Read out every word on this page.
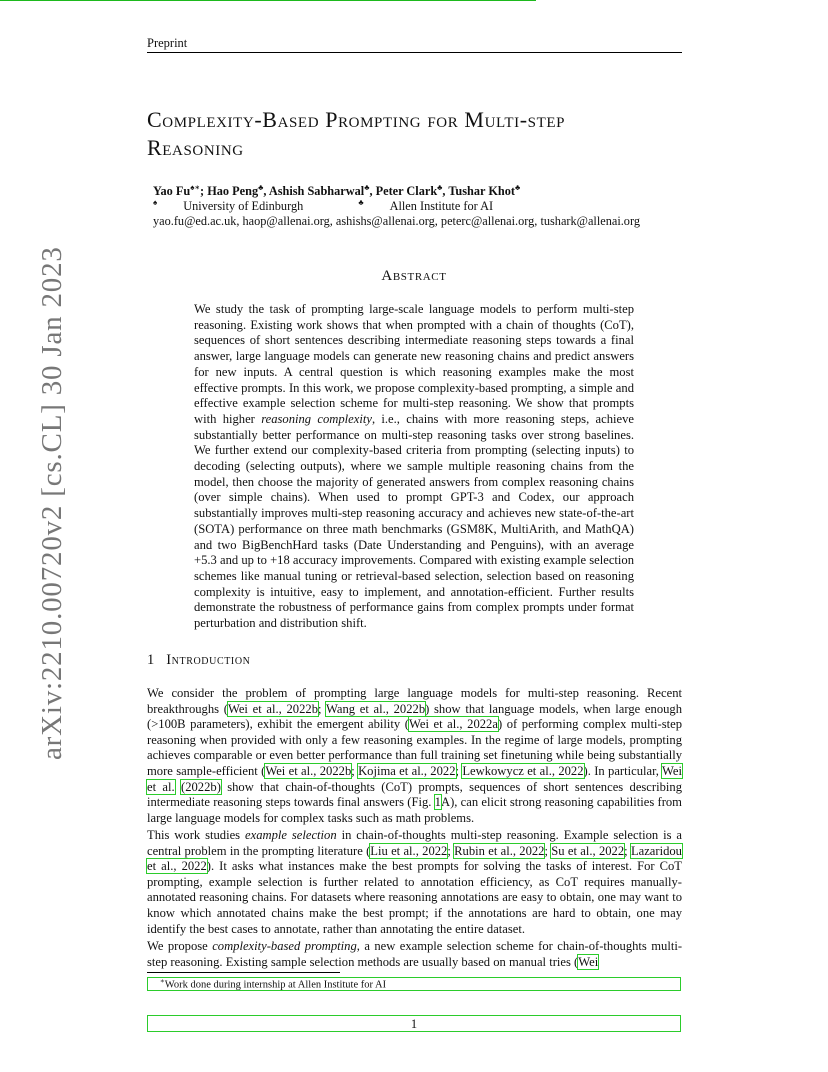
Preprint
Complexity-Based Prompting for Multi-step
Reasoning
Yao Fu♠∗; Hao Peng♣, Ashish Sabharwal♣, Peter Clark♣, Tushar Khot♣
♠ University of Edinburgh	♣ Allen Institute for AI
yao.fu@ed.ac.uk, haop@allenai.org, ashishs@allenai.org, peterc@allenai.org, tushark@allenai.org
Abstract
We study the task of prompting large-scale language models to perform multi-step reasoning. Existing work shows that when prompted with a chain of thoughts (CoT), sequences of short sentences describing intermediate reasoning steps towards a final answer, large language models can generate new reasoning chains and predict answers for new inputs. A central question is which reasoning examples make the most effective prompts. In this work, we propose complexity-based prompting, a simple and effective example selection scheme for multi-step reasoning. We show that prompts with higher reasoning complexity, i.e., chains with more reasoning steps, achieve substantially better performance on multi-step reasoning tasks over strong baselines. We further extend our complexity-based criteria from prompting (selecting inputs) to decoding (selecting outputs), where we sample multiple reasoning chains from the model, then choose the majority of generated answers from complex reasoning chains (over simple chains). When used to prompt GPT-3 and Codex, our approach substantially improves multi-step reasoning accuracy and achieves new state-of-the-art (SOTA) performance on three math benchmarks (GSM8K, MultiArith, and MathQA) and two BigBenchHard tasks (Date Understanding and Penguins), with an average +5.3 and up to +18 accuracy improvements. Compared with existing example selection schemes like manual tuning or retrieval-based selection, selection based on reasoning complexity is intuitive, easy to implement, and annotation-efficient. Further results demonstrate the robustness of performance gains from complex prompts under format perturbation and distribution shift.
arXiv:2210.00720v2 [cs.CL] 30 Jan 2023	1 Introduction

We consider the problem of prompting large language models for multi-step reasoning. Recent breakthroughs (Wei et al., 2022b; Wang et al., 2022b) show that language models, when large enough (>100B parameters), exhibit the emergent ability (Wei et al., 2022a) of performing complex multi-step reasoning when provided with only a few reasoning examples. In the regime of large models, prompting achieves comparable or even better performance than full training set finetuning while being substantially more sample-efficient (Wei et al., 2022b; Kojima et al., 2022; Lewkowycz et al., 2022). In particular, Wei et al. (2022b) show that chain-of-thoughts (CoT) prompts, sequences of short sentences describing intermediate reasoning steps towards final answers (Fig. 1A), can elicit strong reasoning capabilities from large language models for complex tasks such as math problems.

This work studies example selection in chain-of-thoughts multi-step reasoning. Example selection is a central problem in the prompting literature (Liu et al., 2022; Rubin et al., 2022; Su et al., 2022; Lazaridou et al., 2022). It asks what instances make the best prompts for solving the tasks of interest. For CoT prompting, example selection is further related to annotation efficiency, as CoT requires manually-annotated reasoning chains. For datasets where reasoning annotations are easy to obtain, one may want to know which annotated chains make the best prompt; if the annotations are hard to obtain, one may identify the best cases to annotate, rather than annotating the entire dataset.

We propose complexity-based prompting, a new example selection scheme for chain-of-thoughts multi-step reasoning. Existing sample selection methods are usually based on manual tries (Wei

∗Work done during internship at Allen Institute for AI
1
